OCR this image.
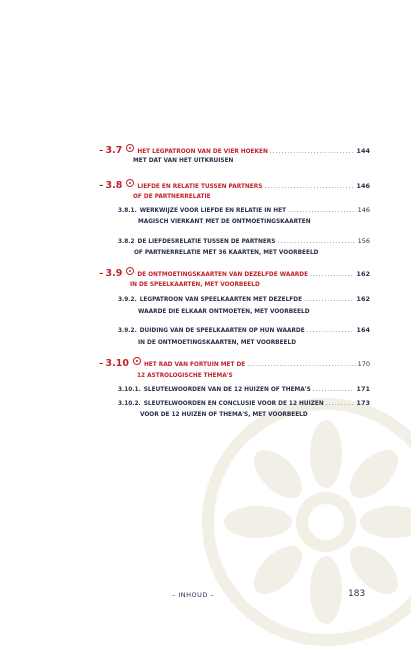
– 3.7	HET LEGPATROON VAN DE VIER HOEKEN .....	144
MET DAT VAN HET UITKRUISEN
– 3.8	LIEFDE EN RELATIE TUSSEN PARTNERS .....	146
OF DE PARTNERRELATIE
3.8.1. WERKWIJZE VOOR LIEFDE EN RELATIE IN HET .....	146
MAGISCH VIERKANT MET DE ONTMOETINGSKAARTEN
3.8.2 DE LIEFDESRELATIE TUSSEN DE PARTNERS .....	156
OF PARTNERRELATIE MET 36 KAARTEN, MET VOORBEELD
– 3.9	DE ONTMOETINGSKAARTEN VAN DEZELFDE WAARDE .....	162
IN DE SPEELKAARTEN, MET VOORBEELD
3.9.2. LEGPATROON VAN SPEELKAARTEN MET DEZELFDE .....	162
WAARDE DIE ELKAAR ONTMOETEN, MET VOORBEELD
3.9.2. DUIDING VAN DE SPEELKAARTEN OP HUN WAARDE .....	164
IN DE ONTMOETINGSKAARTEN, MET VOORBEELD
– 3.10	HET RAD VAN FORTUIN MET DE .....	170
12 ASTROLOGISCHE THEMA'S
3.10.1. SLEUTELWOORDEN VAN DE 12 HUIZEN OF THEMA'S .....	171
3.10.2. SLEUTELWOORDEN EN CONCLUSIE VOOR DE 12 HUIZEN .....	173
VOOR DE 12 HUIZEN OF THEMA'S, MET VOORBEELD
– INHOUD –	183
